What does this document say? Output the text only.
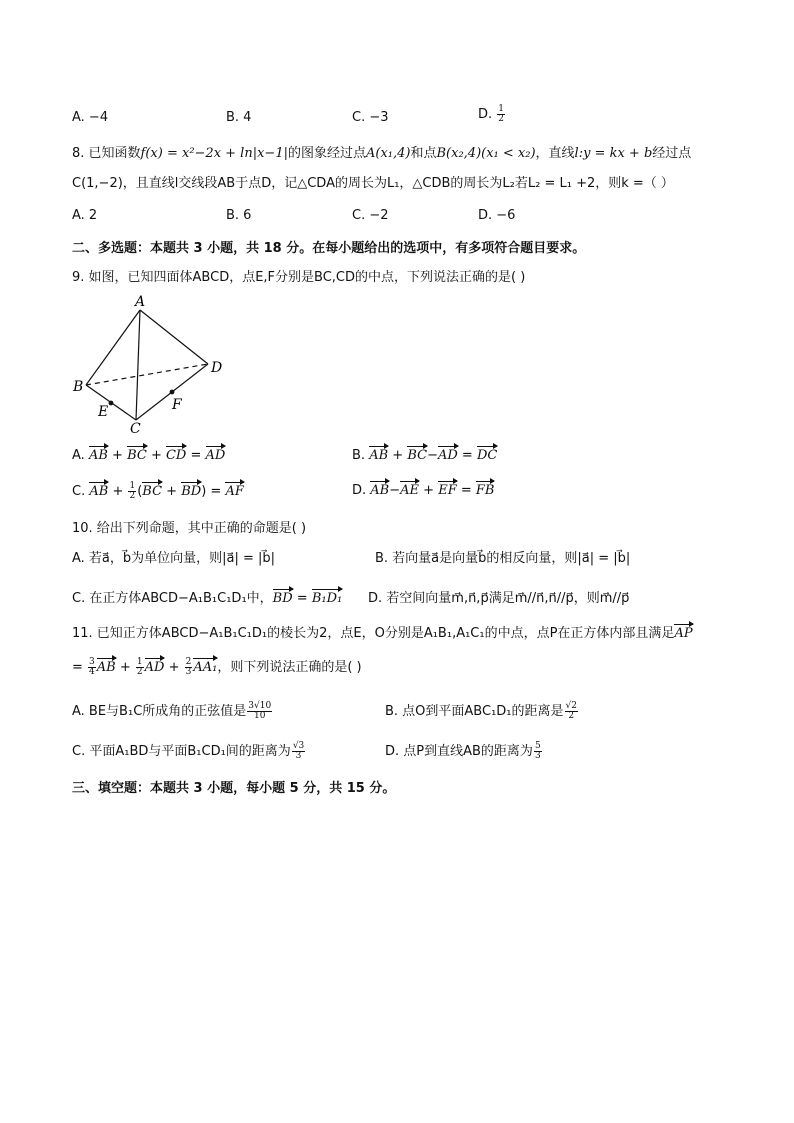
A. −4	B. 4	C. −3	D. $\frac{1}{2}$
8. 已知函数f(x) = x²−2x + ln|x−1|的图象经过点A(x₁,4)和点B(x₂,4)(x₁ < x₂)，直线l:y = kx + b经过点
C(1,−2)，且直线l交线段AB于点D，记△CDA的周长为L₁，△CDB的周长为L₂若L₂ = L₁ +2，则k =（ ）
A. 2	B. 6	C. −2	D. −6
二、多选题：本题共 3 小题，共 18 分。在每小题给出的选项中，有多项符合题目要求。
9. 如图，已知四面体ABCD，点E,F分别是BC,CD的中点，下列说法正确的是( )
A
B
C
D
E	F
A. AB + BC + CD = AD	B. AB + BC−AD = DC
C. AB + $\frac{1}{2} (BC + BD)$ = AF	D. AB−AE + EF = FB
10. 给出下列命题，其中正确的命题是( )
A. 若a⃗，b⃗为单位向量，则|a⃗| = |b⃗|	B. 若向量a⃗是向量b⃗的相反向量，则|a⃗| = |b⃗|
C. 在正方体ABCD−A₁B₁C₁D₁中，BD = B₁D₁ D. 若空间向量m⃗,n⃗,p⃗满足m⃗//n⃗,n⃗//p⃗，则m⃗//p⃗
11. 已知正方体ABCD−A₁B₁C₁D₁的棱长为2，点E，O分别是A₁B₁,A₁C₁的中点，点P在正方体内部且满足AP
= $\frac{3}{4}$ AB + $\frac{1}{2}$ AD + $\frac{2}{3} AA_1$，则下列说法正确的是( )
A. BE与B₁C所成角的正弦值是 $\frac{3√10}{10}$	B. 点O到平面ABC₁D₁的距离是 $\frac{√2}{2}$
C. 平面A₁BD与平面B₁CD₁间的距离为 $\frac{√3}{3}$	D. 点P到直线AB的距离为 $\frac{5}{3}$
三、填空题：本题共 3 小题，每小题 5 分，共 15 分。
